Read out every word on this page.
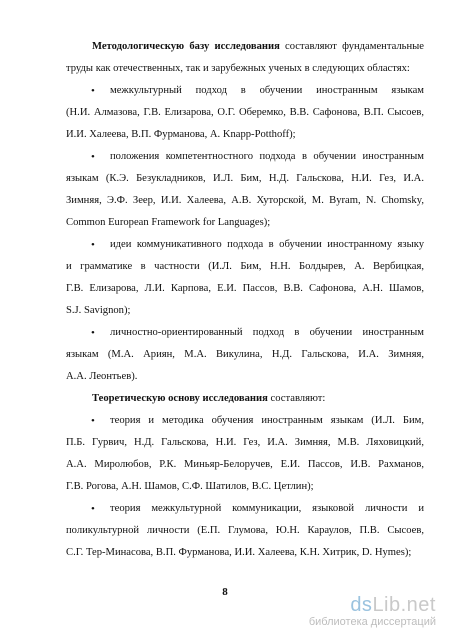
Методологическую базу исследования составляют фундаментальные
труды как отечественных, так и зарубежных ученых в следующих областях:
• межкультурный подход в обучении иностранным языкам
(Н.И. Алмазова, Г.В. Елизарова, О.Г. Оберемко, В.В. Сафонова, В.П. Сысоев,
И.И. Халеева, В.П. Фурманова, А. Knapp-Potthoff);
• положения компетентностного подхода в обучении иностранным
языкам (К.Э. Безукладников, И.Л. Бим, Н.Д. Гальскова, Н.И. Гез, И.А.
Зимняя, Э.Ф. Зеер, И.И. Халеева, А.В. Хуторской, M. Byram, N. Chomsky,
Common European Framework for Languages);
• идеи коммуникативного подхода в обучении иностранному языку
и грамматике в частности (И.Л. Бим, Н.Н. Болдырев, А. Вербицкая,
Г.В. Елизарова, Л.И. Карпова, Е.И. Пассов, В.В. Сафонова, А.Н. Шамов,
S.J. Savignon);
• личностно-ориентированный подход в обучении иностранным
языкам (М.А. Ариян, М.А. Викулина, Н.Д. Гальскова, И.А. Зимняя,
А.А. Леонтьев).
Теоретическую основу исследования составляют:
• теория и методика обучения иностранным языкам (И.Л. Бим,
П.Б. Гурвич, Н.Д. Гальскова, Н.И. Гез, И.А. Зимняя, М.В. Ляховицкий,
А.А. Миролюбов, Р.К. Миньяр-Белоручев, Е.И. Пассов, И.В. Рахманов,
Г.В. Рогова, А.Н. Шамов, С.Ф. Шатилов, В.С. Цетлин);
• теория межкультурной коммуникации, языковой личности и
поликультурной личности (Е.П. Глумова, Ю.Н. Караулов, П.В. Сысоев,
С.Г. Тер-Минасова, В.П. Фурманова, И.И. Халеева, К.Н. Хитрик, D. Hymes);
8
dsLib.net
библиотека диссертаций
